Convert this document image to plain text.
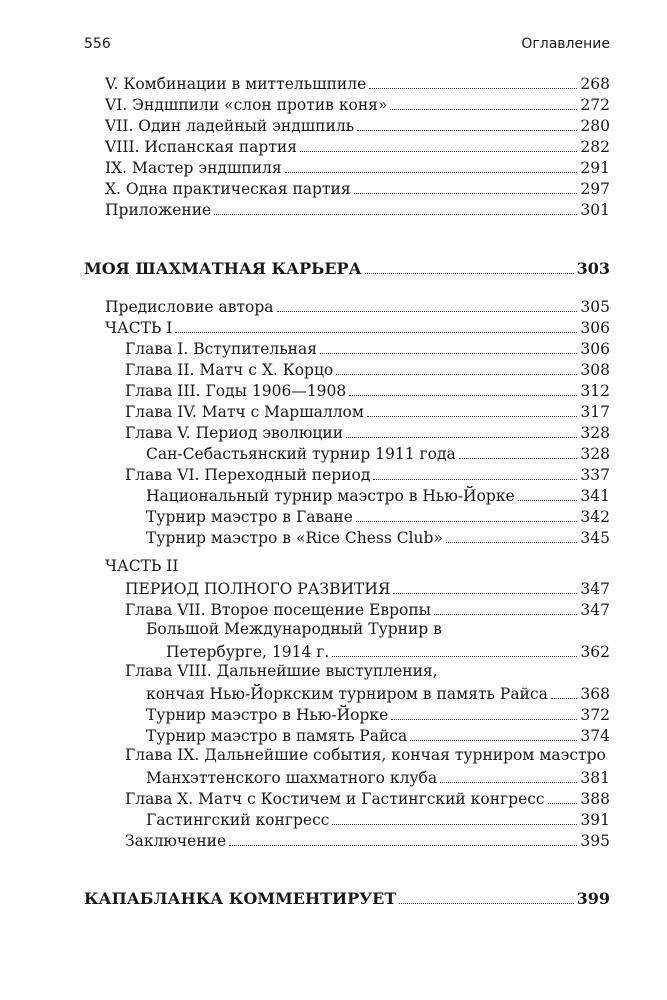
556	Оглавление
V. Комбинации в миттельшпиле	268
VI. Эндшпили «слон против коня»	272
VII. Один ладейный эндшпиль	280
VIII. Испанская партия	282
IX. Мастер эндшпиля	291
X. Одна практическая партия	297
Приложение	301
МОЯ ШАХМАТНАЯ КАРЬЕРА	303
Предисловие автора	305
ЧАСТЬ I	306
Глава I. Вступительная	306
Глава II. Матч с Х. Корцо	308
Глава III. Годы 1906—1908	312
Глава IV. Матч с Маршаллом	317
Глава V. Период эволюции	328
Сан-Себастьянский турнир 1911 года	328
Глава VI. Переходный период	337
Национальный турнир маэстро в Нью-Йорке	341
Турнир маэстро в Гаване	342
Турнир маэстро в «Rice Chess Club»	345
ЧАСТЬ II
ПЕРИОД ПОЛНОГО РАЗВИТИЯ	347
Глава VII. Второе посещение Европы	347
Большой Международный Турнир в
Петербурге, 1914 г.	362
Глава VIII. Дальнейшие выступления,
кончая Нью-Йоркским турниром в память Райса 368
Турнир маэстро в Нью-Йорке	372
Турнир маэстро в память Райса	374
Глава IX. Дальнейшие события, кончая турниром маэстро
Манхэттенского шахматного клуба	381
Глава X. Матч с Костичем и Гастингский конгресс 388
Гастингский конгресс	391
Заключение	395
КАПАБЛАНКА КОММЕНТИРУЕТ	399
